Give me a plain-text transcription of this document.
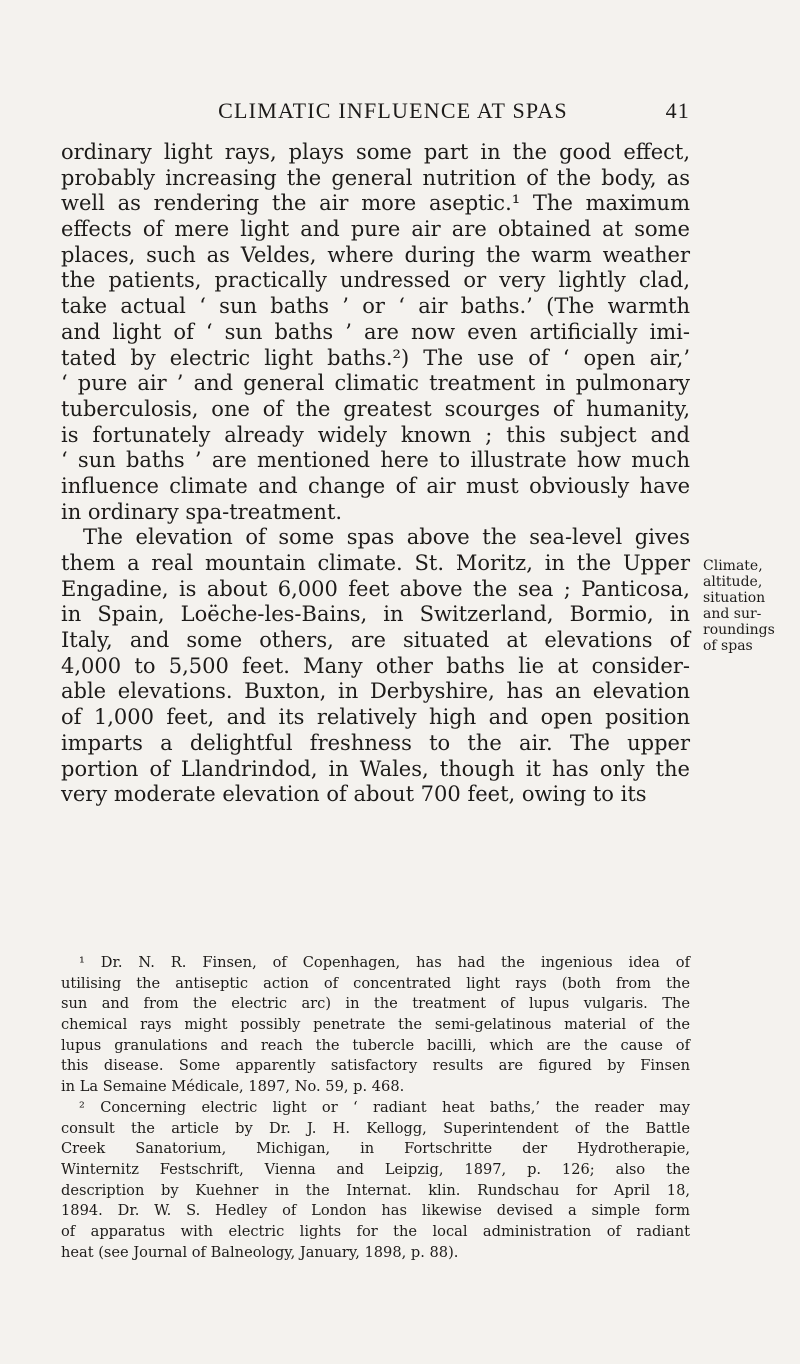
CLIMATIC INFLUENCE AT SPAS	41
ordinary light rays, plays some part in the good effect,
probably increasing the general nutrition of the body, as
well as rendering the air more aseptic.¹ The maximum
effects of mere light and pure air are obtained at some
places, such as Veldes, where during the warm weather
the patients, practically undressed or very lightly clad,
take actual ‘ sun baths ’ or ‘ air baths.’ (The warmth
and light of ‘ sun baths ’ are now even artificially imi-
tated by electric light baths.²) The use of ‘ open air,’
‘ pure air ’ and general climatic treatment in pulmonary
tuberculosis, one of the greatest scourges of humanity,
is fortunately already widely known ; this subject and
‘ sun baths ’ are mentioned here to illustrate how much
influence climate and change of air must obviously have
in ordinary spa-treatment.
The elevation of some spas above the sea-level gives
them a real mountain climate. St. Moritz, in the Upper
Engadine, is about 6,000 feet above the sea ; Panticosa,
in Spain, Loëche-les-Bains, in Switzerland, Bormio, in
Italy, and some others, are situated at elevations of
4,000 to 5,500 feet. Many other baths lie at consider-
able elevations. Buxton, in Derbyshire, has an elevation
of 1,000 feet, and its relatively high and open position
imparts a delightful freshness to the air. The upper
portion of Llandrindod, in Wales, though it has only the
very moderate elevation of about 700 feet, owing to its
Climate,
altitude,
situation
and sur-
roundings
of spas
¹ Dr. N. R. Finsen, of Copenhagen, has had the ingenious idea of
utilising the antiseptic action of concentrated light rays (both from the
sun and from the electric arc) in the treatment of lupus vulgaris. The
chemical rays might possibly penetrate the semi-gelatinous material of the
lupus granulations and reach the tubercle bacilli, which are the cause of
this disease. Some apparently satisfactory results are figured by Finsen
in La Semaine Médicale, 1897, No. 59, p. 468.
² Concerning electric light or ‘ radiant heat baths,’ the reader may
consult the article by Dr. J. H. Kellogg, Superintendent of the Battle
Creek Sanatorium, Michigan, in Fortschritte der Hydrotherapie,
Winternitz Festschrift, Vienna and Leipzig, 1897, p. 126; also the
description by Kuehner in the Internat. klin. Rundschau for April 18,
1894. Dr. W. S. Hedley of London has likewise devised a simple form
of apparatus with electric lights for the local administration of radiant
heat (see Journal of Balneology, January, 1898, p. 88).
